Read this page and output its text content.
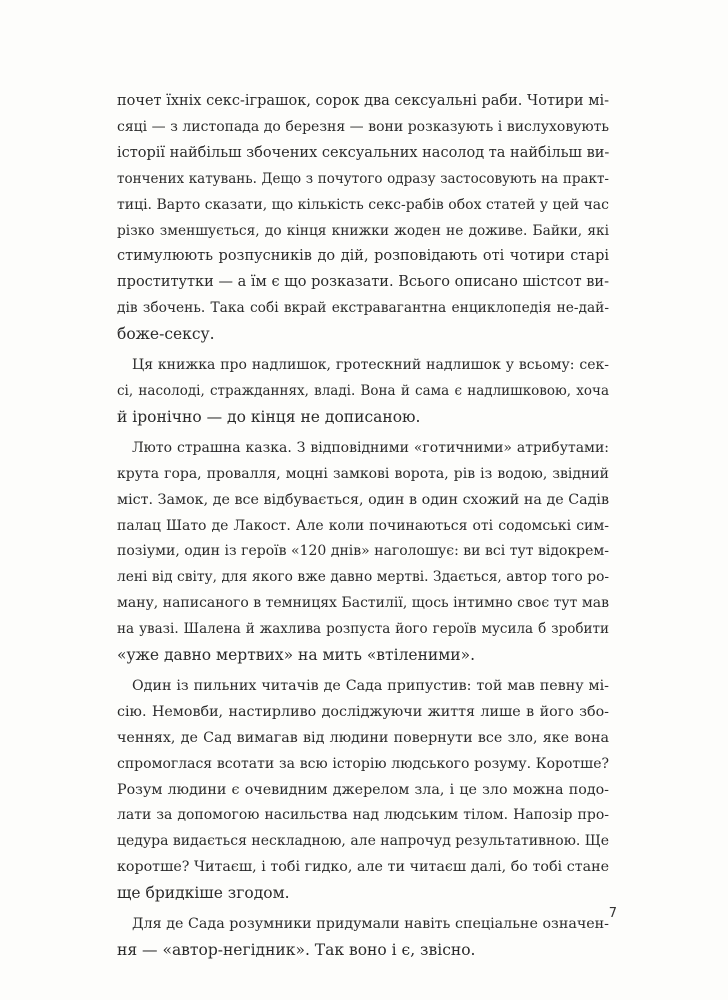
почет їхніх секс-іграшок, сорок два сексуальні раби. Чотири мі-
сяці — з листопада до березня — вони розказують і вислуховують
історії найбільш збочених сексуальних насолод та найбільш ви-
тончених катувань. Дещо з почутого одразу застосовують на практ-
тиці. Варто сказати, що кількість секс-рабів обох статей у цей час
різко зменшується, до кінця книжки жоден не доживе. Байки, які
стимулюють розпусників до дій, розповідають оті чотири старі
проститутки — а їм є що розказати. Всього описано шістсот ви-
дів збочень. Така собі вкрай екстравагантна енциклопедія не-дай-
боже-сексу.
Ця книжка про надлишок, гротескний надлишок у всьому: сек-
сі, насолоді, стражданнях, владі. Вона й сама є надлишковою, хоча
й іронічно — до кінця не дописаною.
Люто страшна казка. З відповідними «готичними» атрибутами:
крута гора, провалля, моцні замкові ворота, рів із водою, звідний
міст. Замок, де все відбувається, один в один схожий на де Садів
палац Шато де Лакост. Але коли починаються оті содомські сим-
позіуми, один із героїв «120 днів» наголошує: ви всі тут відокрем-
лені від світу, для якого вже давно мертві. Здається, автор того ро-
ману, написаного в темницях Бастилії, щось інтимно своє тут мав
на увазі. Шалена й жахлива розпуста його героїв мусила б зробити
«уже давно мертвих» на мить «втіленими».
Один із пильних читачів де Сада припустив: той мав певну мі-
сію. Немовби, настирливо досліджуючи життя лише в його збо-
ченнях, де Сад вимагав від людини повернути все зло, яке вона
спромоглася всотати за всю історію людського розуму. Коротше?
Розум людини є очевидним джерелом зла, і це зло можна подо-
лати за допомогою насильства над людським тілом. Напозір про-
цедура видається нескладною, але напрочуд результативною. Ще
коротше? Читаєш, і тобі гидко, але ти читаєш далі, бо тобі стане
ще бридкіше згодом.
Для де Сада розумники придумали навіть спеціальне означен-
ня — «автор-негідник». Так воно і є, звісно.
7
